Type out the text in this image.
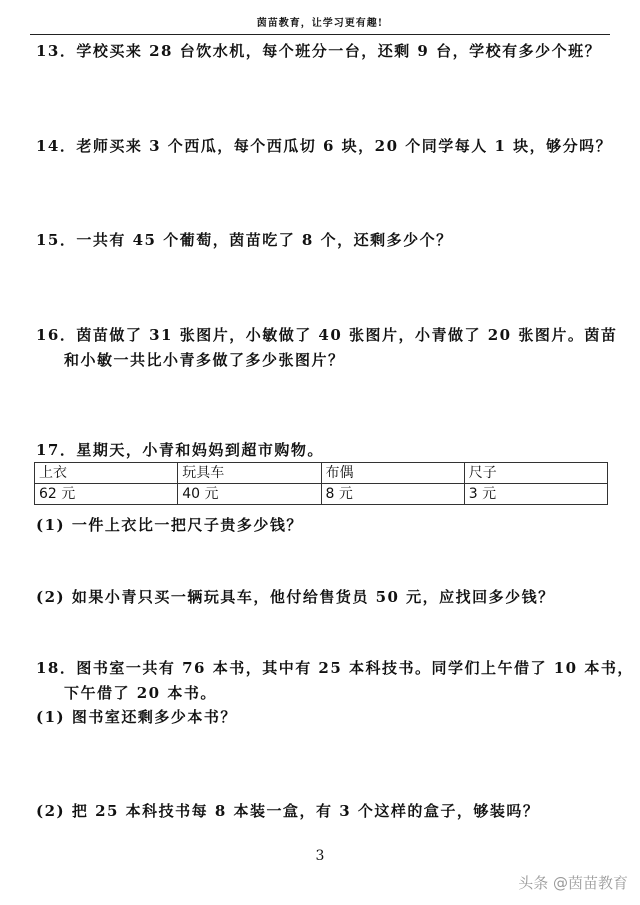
茵苗教育，让学习更有趣!
13．学校买来 28 台饮水机，每个班分一台，还剩 9 台，学校有多少个班？
14．老师买来 3 个西瓜，每个西瓜切 6 块，20 个同学每人 1 块，够分吗？
15．一共有 45 个葡萄，茵苗吃了 8 个，还剩多少个？
16．茵苗做了 31 张图片，小敏做了 40 张图片，小青做了 20 张图片。茵苗
和小敏一共比小青多做了多少张图片？
17．星期天，小青和妈妈到超市购物。
上衣	玩具车	布偶	尺子
62 元	40 元	8 元	3 元
(1) 一件上衣比一把尺子贵多少钱？
(2) 如果小青只买一辆玩具车，他付给售货员 50 元，应找回多少钱？
18．图书室一共有 76 本书，其中有 25 本科技书。同学们上午借了 10 本书，
下午借了 20 本书。
(1) 图书室还剩多少本书？
(2) 把 25 本科技书每 8 本装一盒，有 3 个这样的盒子，够装吗？
3
头条 @茵苗教育
